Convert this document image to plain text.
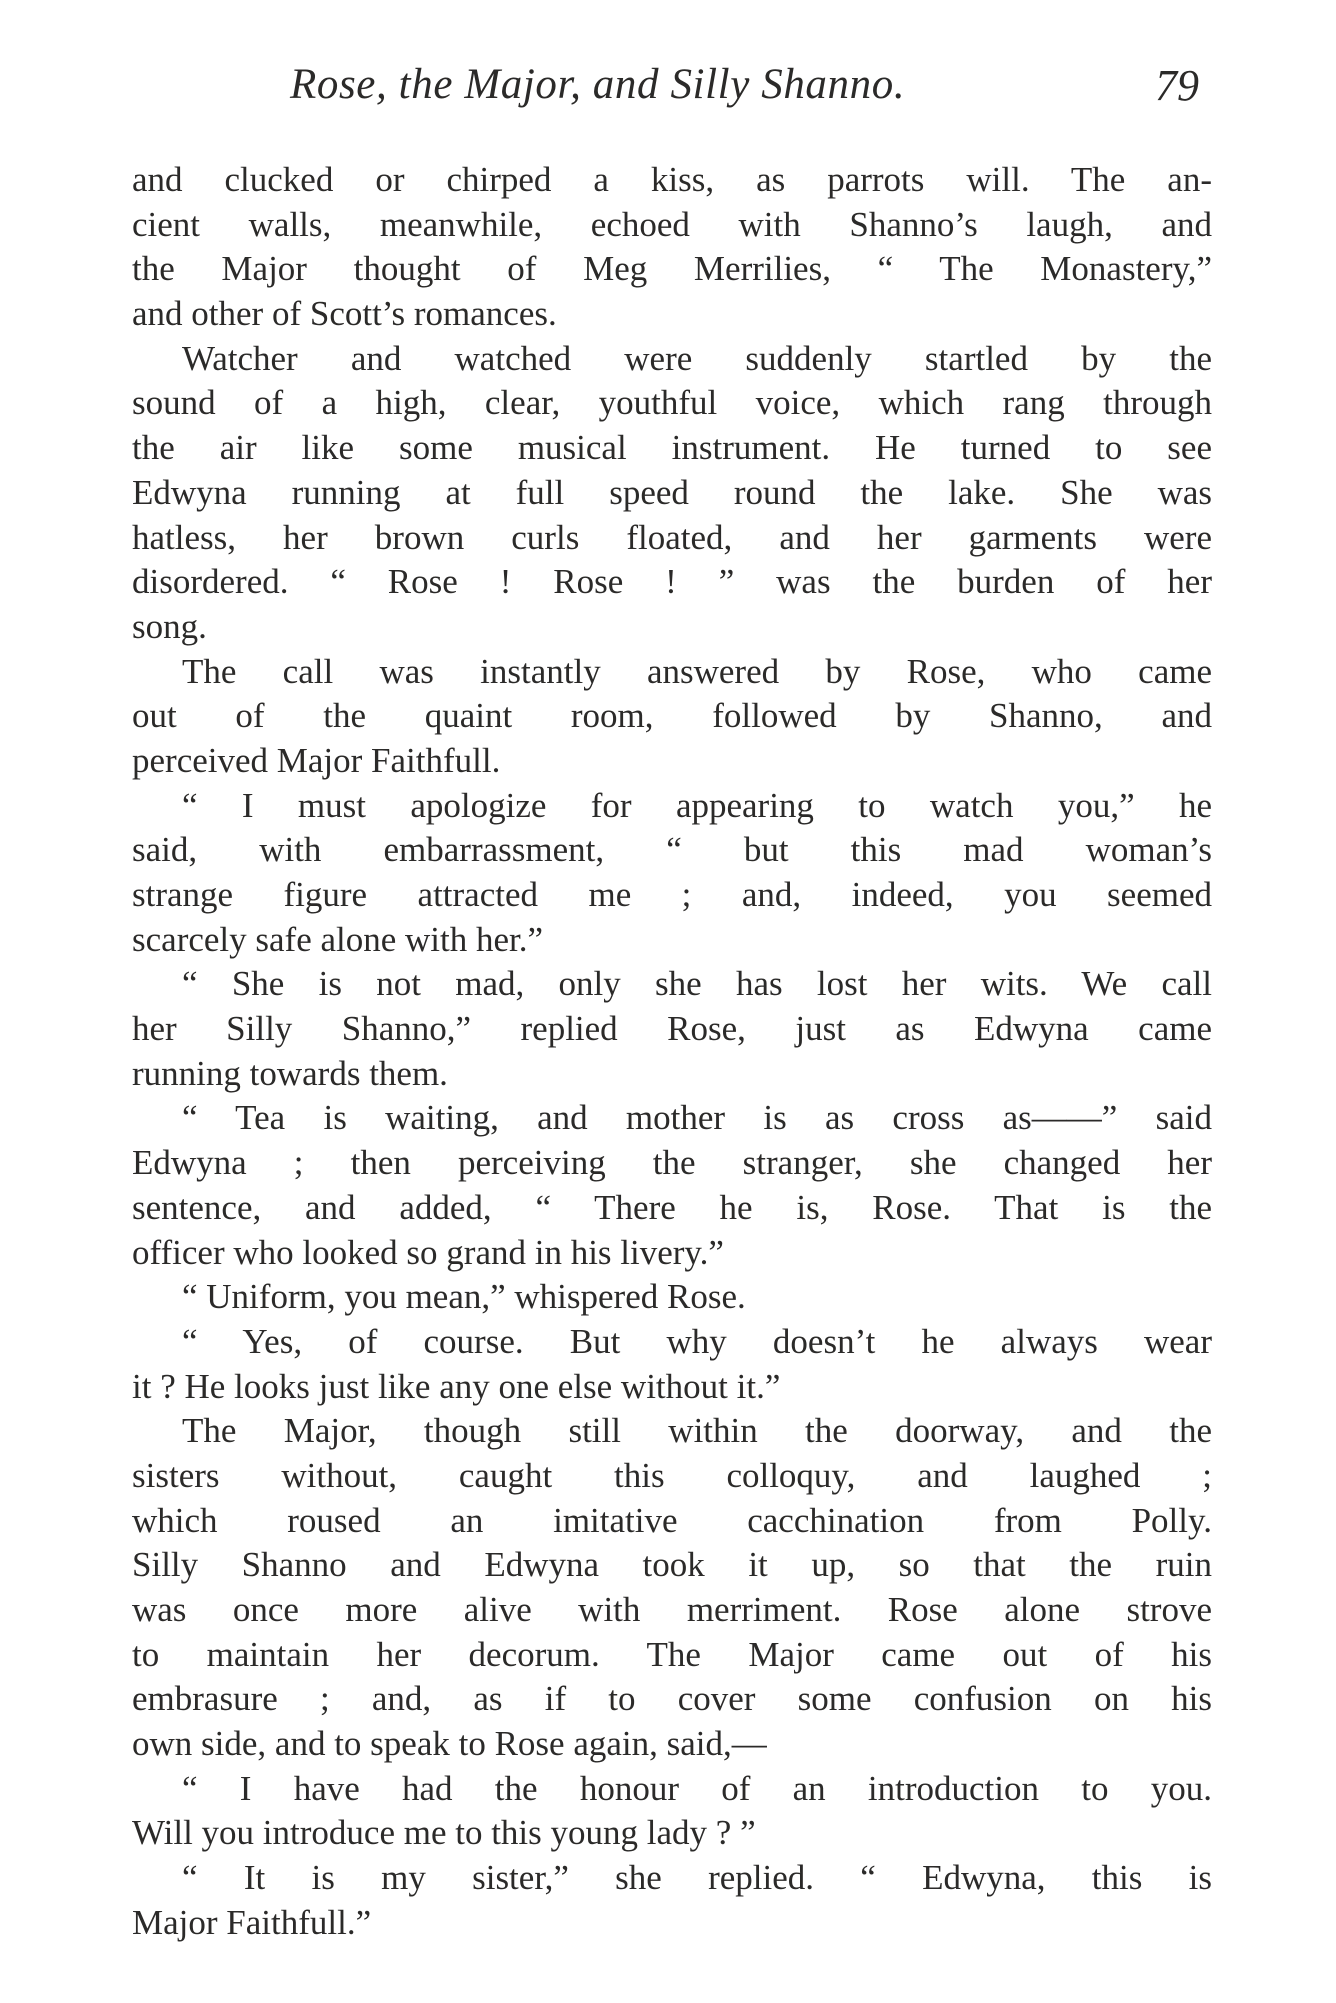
Rose, the Major, and Silly Shanno.	79
and clucked or chirped a kiss, as parrots will. The an-
cient walls, meanwhile, echoed with Shanno’s laugh, and
the Major thought of Meg Merrilies, “ The Monastery,”
and other of Scott’s romances.
Watcher and watched were suddenly startled by the
sound of a high, clear, youthful voice, which rang through
the air like some musical instrument. He turned to see
Edwyna running at full speed round the lake. She was
hatless, her brown curls floated, and her garments were
disordered. “ Rose ! Rose ! ” was the burden of her
song.
The call was instantly answered by Rose, who came
out of the quaint room, followed by Shanno, and
perceived Major Faithfull.
“ I must apologize for appearing to watch you,” he
said, with embarrassment, “ but this mad woman’s
strange figure attracted me ; and, indeed, you seemed
scarcely safe alone with her.”
“ She is not mad, only she has lost her wits. We call
her Silly Shanno,” replied Rose, just as Edwyna came
running towards them.
“ Tea is waiting, and mother is as cross as——” said
Edwyna ; then perceiving the stranger, she changed her
sentence, and added, “ There he is, Rose. That is the
officer who looked so grand in his livery.”
“ Uniform, you mean,” whispered Rose.
“ Yes, of course. But why doesn’t he always wear
it ? He looks just like any one else without it.”
The Major, though still within the doorway, and the
sisters without, caught this colloquy, and laughed ;
which roused an imitative cacchination from Polly.
Silly Shanno and Edwyna took it up, so that the ruin
was once more alive with merriment. Rose alone strove
to maintain her decorum. The Major came out of his
embrasure ; and, as if to cover some confusion on his
own side, and to speak to Rose again, said,—
“ I have had the honour of an introduction to you.
Will you introduce me to this young lady ? ”
“ It is my sister,” she replied. “ Edwyna, this is
Major Faithfull.”
